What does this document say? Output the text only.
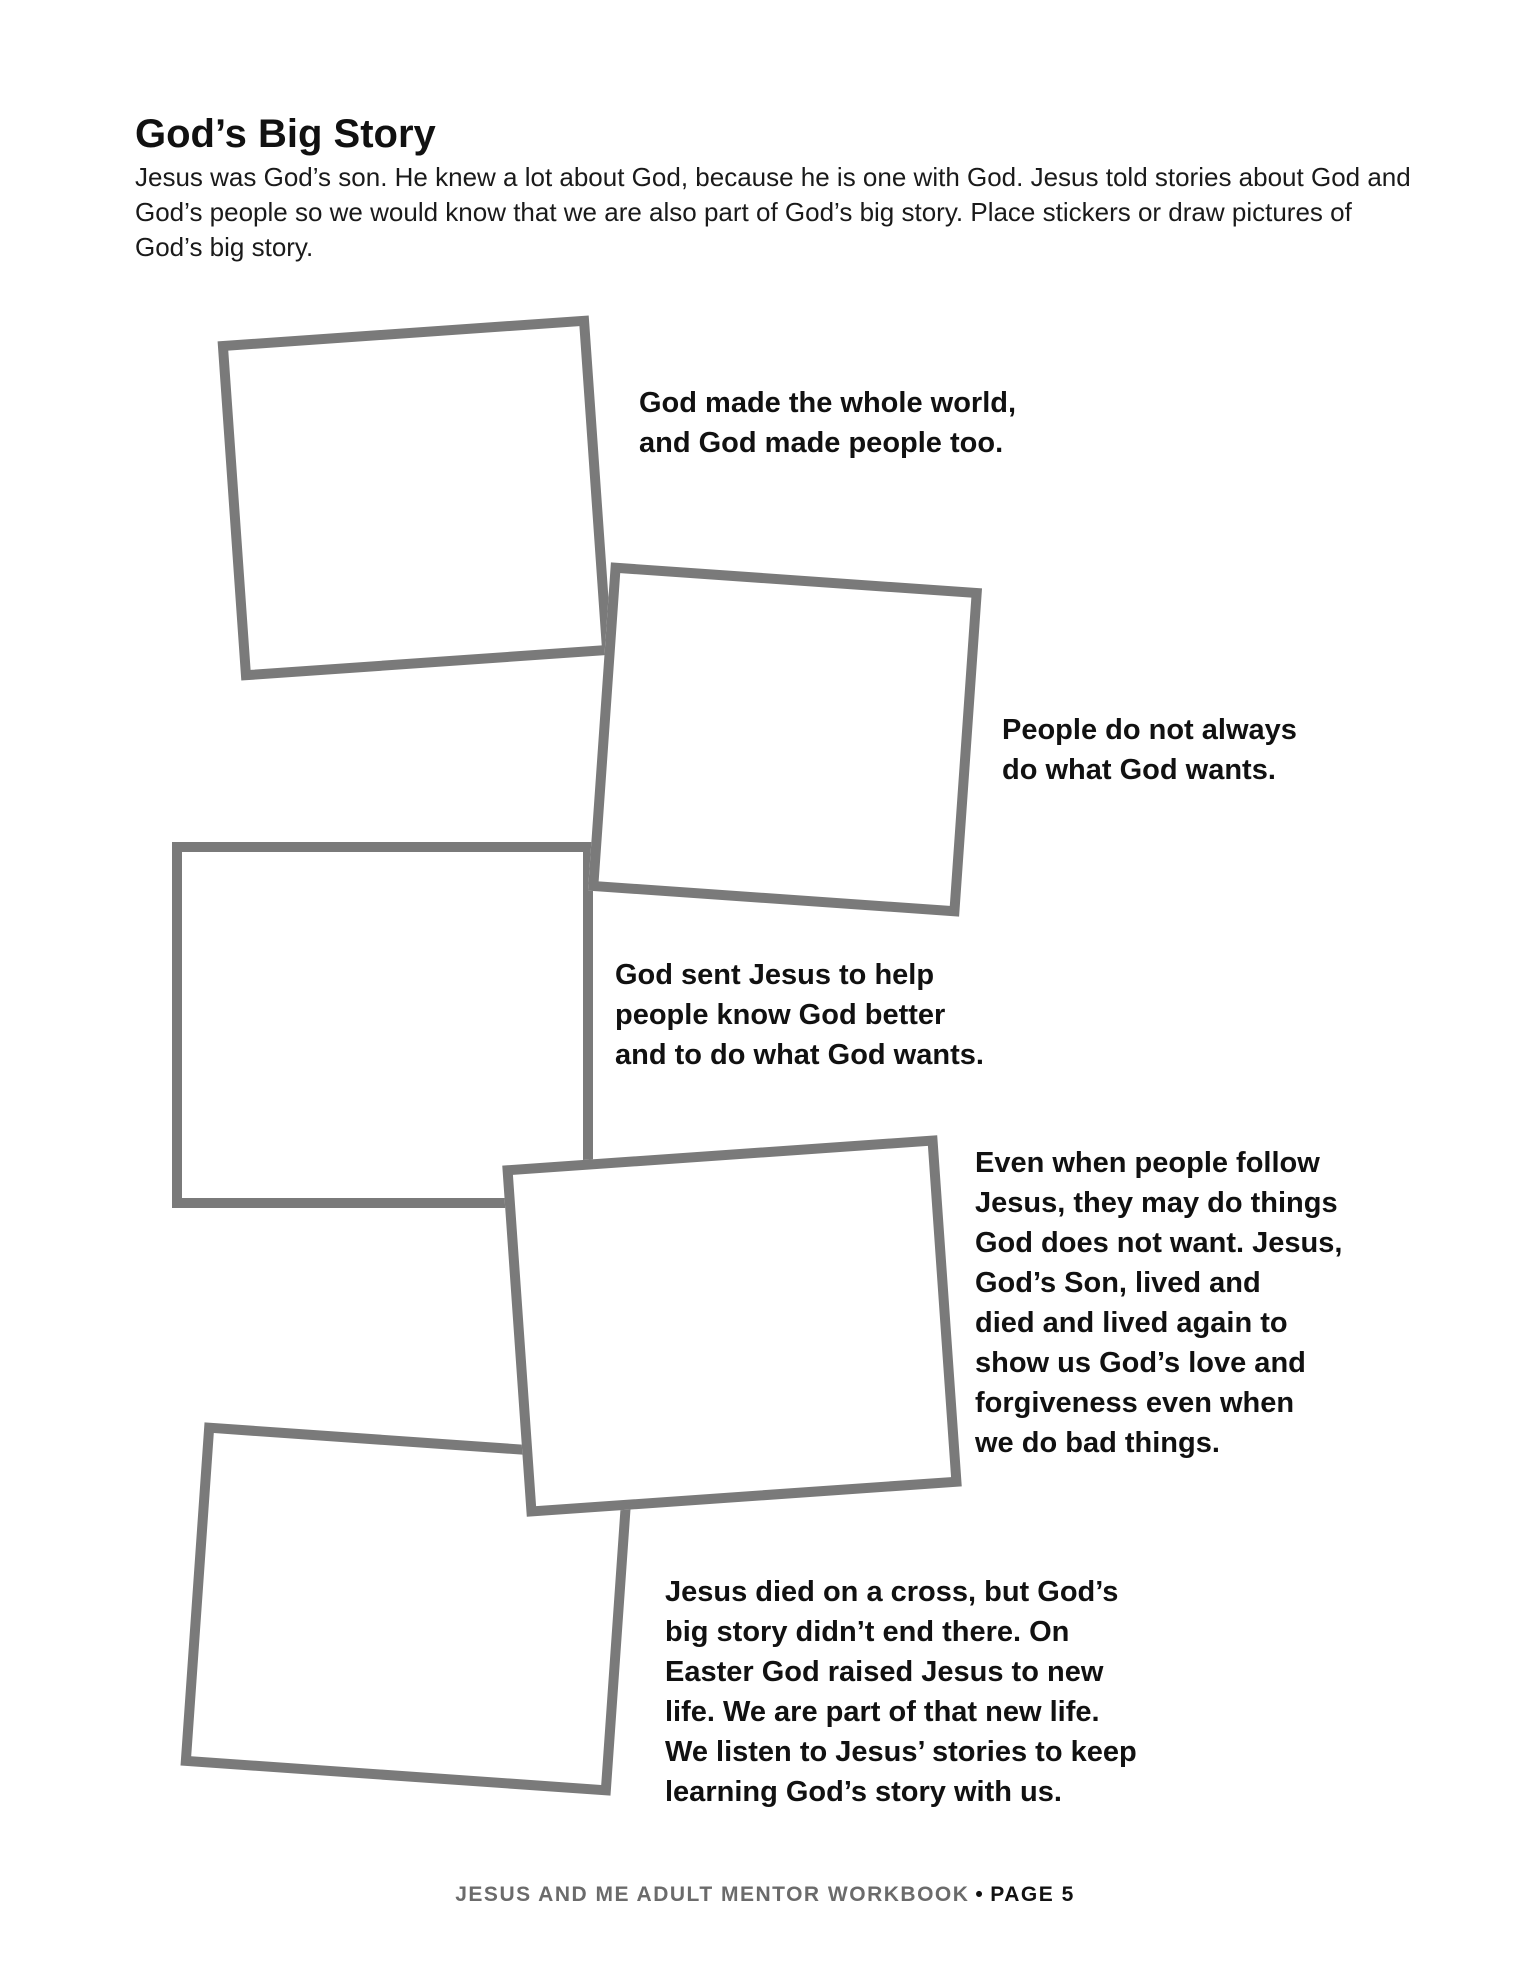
God’s Big Story

Jesus was God’s son. He knew a lot about God, because he is one with God. Jesus told stories about God and God’s people so we would know that we are also part of God’s big story. Place stickers or draw pictures of God’s big story.

God made the whole world,
and God made people too.

People do not always
do what God wants.

God sent Jesus to help
people know God better
and to do what God wants.

Even when people follow
Jesus, they may do things
God does not want. Jesus,
God’s Son, lived and
died and lived again to
show us God’s love and
forgiveness even when
we do bad things.

Jesus died on a cross, but God’s
big story didn’t end there. On
Easter God raised Jesus to new
life. We are part of that new life.
We listen to Jesus’ stories to keep
learning God’s story with us.

JESUS AND ME ADULT MENTOR WORKBOOK • PAGE 5
